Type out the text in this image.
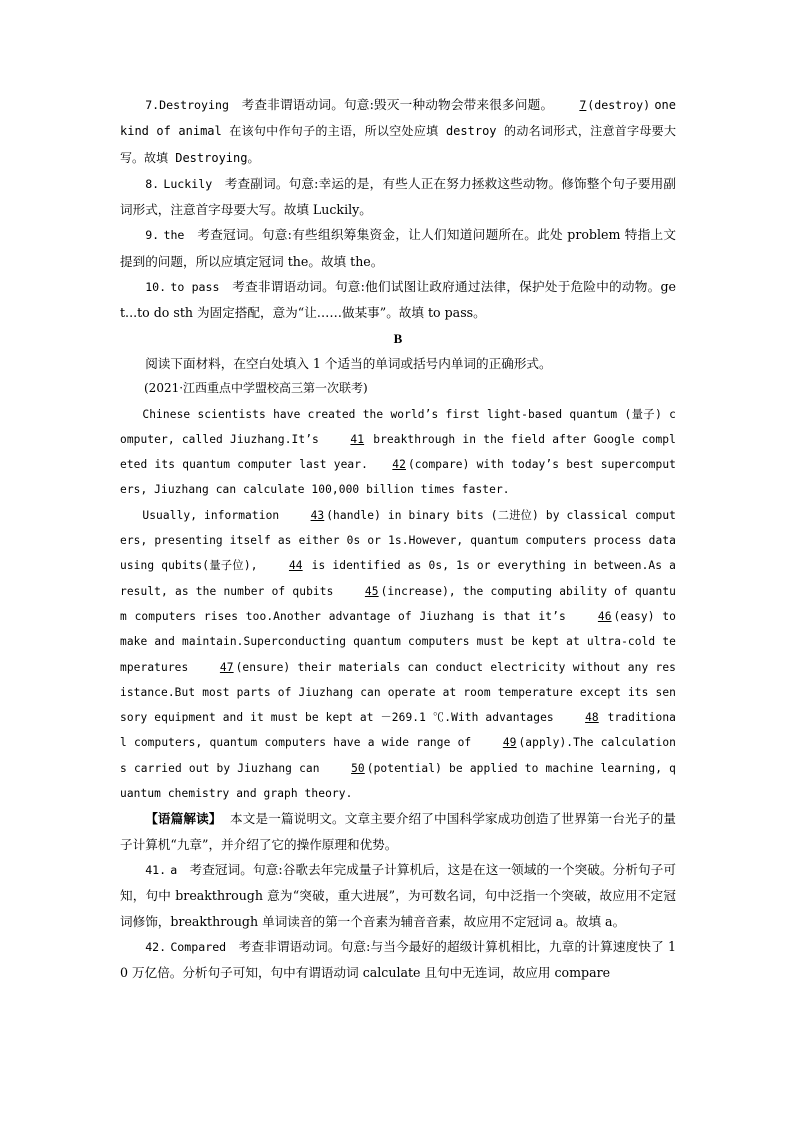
7.Destroying 考查非谓语动词。句意:毁灭一种动物会带来很多问题。 7(destroy) one kind of animal 在该句中作句子的主语，所以空处应填 destroy 的动名词形式，注意首字母要大写。故填 Destroying。

8. Luckily 考查副词。句意:幸运的是，有些人正在努力拯救这些动物。修饰整个句子要用副词形式，注意首字母要大写。故填 Luckily。

9. the 考查冠词。句意:有些组织筹集资金，让人们知道问题所在。此处 problem 特指上文提到的问题，所以应填定冠词 the。故填 the。

10. to pass 考查非谓语动词。句意:他们试图让政府通过法律，保护处于危险中的动物。get...to do sth 为固定搭配，意为“让……做某事”。故填 to pass。

B

阅读下面材料，在空白处填入 1 个适当的单词或括号内单词的正确形式。

(2021·江西重点中学盟校高三第一次联考)

Chinese scientists have created the world’s first light-based quantum (量子) computer, called Jiuzhang.It’s 41 breakthrough in the field after Google completed its quantum computer last year. 42 (compare) with today’s best supercomputers, Jiuzhang can calculate 100,000 billion times faster.

Usually, information 43 (handle) in binary bits (二进位) by classical computers, presenting itself as either 0s or 1s.However, quantum computers process data using qubits(量子位), 44 is identified as 0s, 1s or everything in between.As a result, as the number of qubits 45 (increase), the computing ability of quantum computers rises too.Another advantage of Jiuzhang is that it’s 46 (easy) to make and maintain.Superconducting quantum computers must be kept at ultra-cold temperatures 47 (ensure) their materials can conduct electricity without any resistance.But most parts of Jiuzhang can operate at room temperature except its sensory equipment and it must be kept at －269.1 ℃.With advantages 48 traditional computers, quantum computers have a wide range of 49 (apply).The calculations carried out by Jiuzhang can 50 (potential) be applied to machine learning, quantum chemistry and graph theory.

【语篇解读】 本文是一篇说明文。文章主要介绍了中国科学家成功创造了世界第一台光子的量子计算机“九章”，并介绍了它的操作原理和优势。

41. a 考查冠词。句意:谷歌去年完成量子计算机后，这是在这一领域的一个突破。分析句子可知，句中 breakthrough 意为“突破，重大进展”，为可数名词，句中泛指一个突破，故应用不定冠词修饰，breakthrough 单词读音的第一个音素为辅音音素，故应用不定冠词 a。故填 a。

42. Compared 考查非谓语动词。句意:与当今最好的超级计算机相比，九章的计算速度快了 10 万亿倍。分析句子可知，句中有谓语动词 calculate 且句中无连词，故应用 compare
